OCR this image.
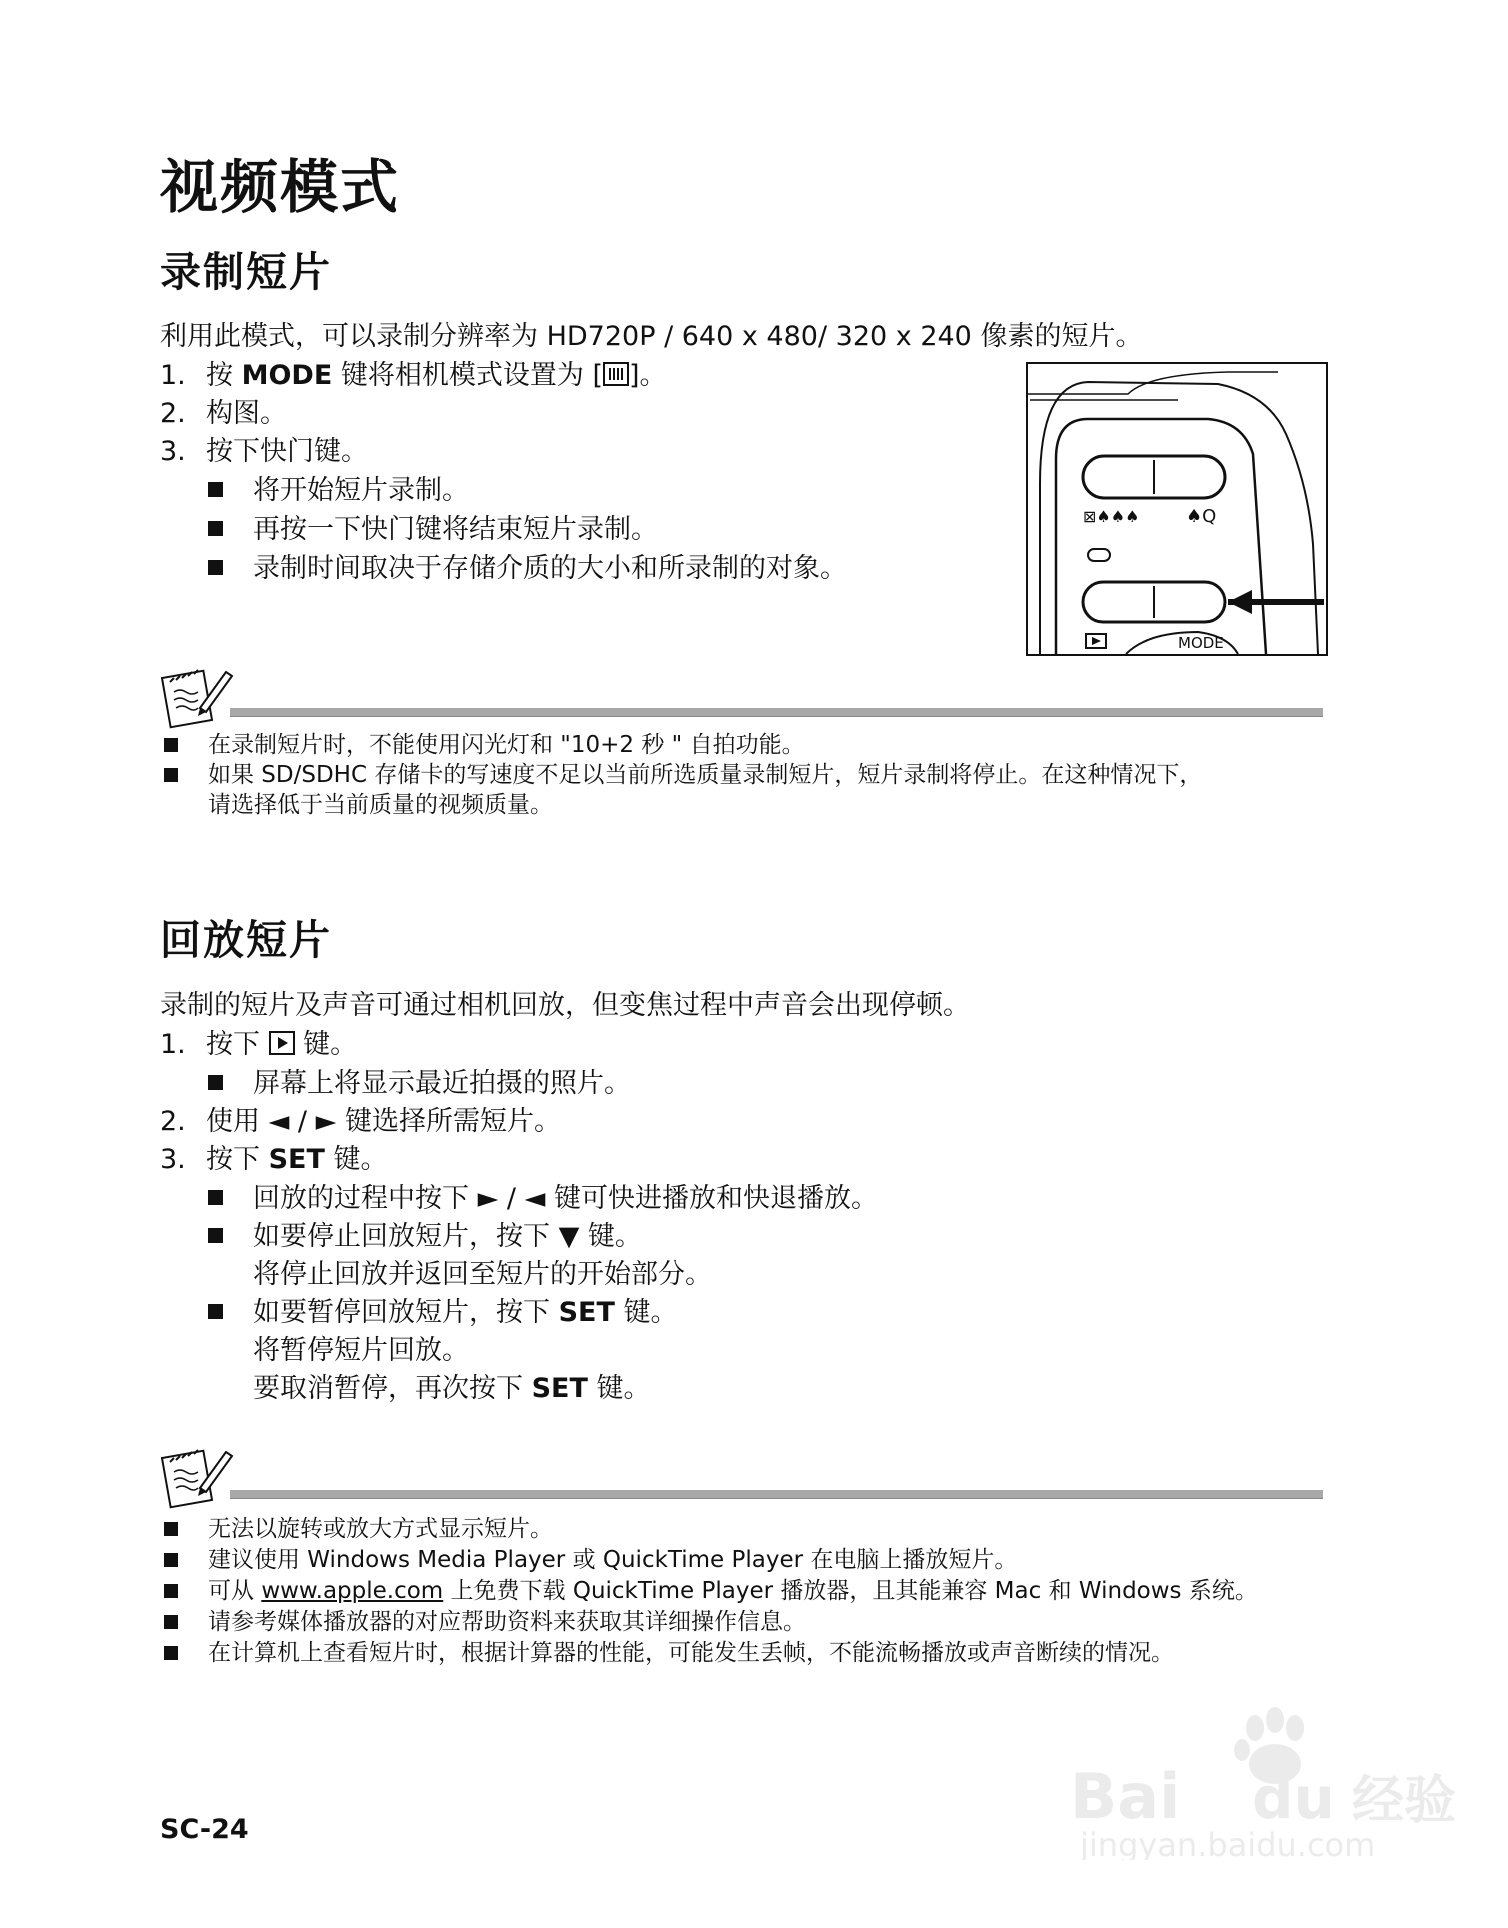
视频模式
录制短片
利用此模式，可以录制分辨率为 HD720P / 640 x 480/ 320 x 240 像素的短片。
1. 按 MODE 键将相机模式设置为 [ ]。
2. 构图。
3. 按下快门键。
将开始短片录制。
再按一下快门键将结束短片录制。
录制时间取决于存储介质的大小和所录制的对象。
⊠♠♠♠	♠Q
MODE
在录制短片时，不能使用闪光灯和 "10+2 秒 " 自拍功能。
如果 SD/SDHC 存储卡的写速度不足以当前所选质量录制短片，短片录制将停止。在这种情况下，
请选择低于当前质量的视频质量。
回放短片
录制的短片及声音可通过相机回放，但变焦过程中声音会出现停顿。
1. 按下  键。
屏幕上将显示最近拍摄的照片。
2. 使用 ◄ / ► 键选择所需短片。
3. 按下 SET 键。
回放的过程中按下 ► / ◄ 键可快进播放和快退播放。
如要停止回放短片，按下 ▼ 键。
将停止回放并返回至短片的开始部分。
如要暂停回放短片，按下 SET 键。
将暂停短片回放。
要取消暂停，再次按下 SET 键。
无法以旋转或放大方式显示短片。
建议使用 Windows Media Player 或 QuickTime Player 在电脑上播放短片。
可从 www.apple.com 上免费下载 QuickTime Player 播放器，且其能兼容 Mac 和 Windows 系统。
请参考媒体播放器的对应帮助资料来获取其详细操作信息。
在计算机上查看短片时，根据计算器的性能，可能发生丢帧，不能流畅播放或声音断续的情况。
SC-24	Bai du 经验
jingyan.baidu.com
